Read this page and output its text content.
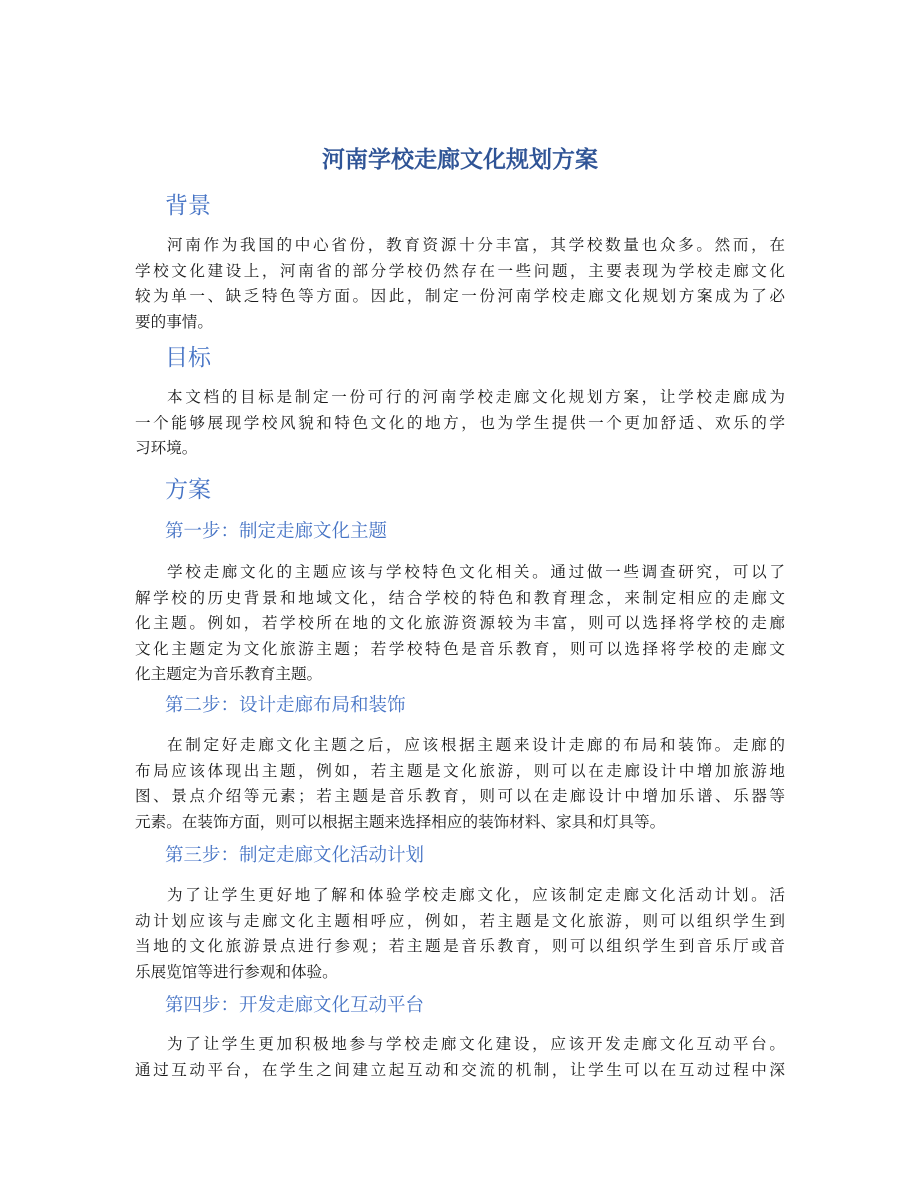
河南学校走廊文化规划方案
背景

河南作为我国的中心省份，教育资源十分丰富，其学校数量也众多。然而，在
学校文化建设上，河南省的部分学校仍然存在一些问题，主要表现为学校走廊文化
较为单一、缺乏特色等方面。因此，制定一份河南学校走廊文化规划方案成为了必
要的事情。

目标

本文档的目标是制定一份可行的河南学校走廊文化规划方案，让学校走廊成为
一个能够展现学校风貌和特色文化的地方，也为学生提供一个更加舒适、欢乐的学
习环境。

方案
第一步：制定走廊文化主题

学校走廊文化的主题应该与学校特色文化相关。通过做一些调查研究，可以了
解学校的历史背景和地域文化，结合学校的特色和教育理念，来制定相应的走廊文
化主题。例如，若学校所在地的文化旅游资源较为丰富，则可以选择将学校的走廊
文化主题定为文化旅游主题；若学校特色是音乐教育，则可以选择将学校的走廊文
化主题定为音乐教育主题。

第二步：设计走廊布局和装饰

在制定好走廊文化主题之后，应该根据主题来设计走廊的布局和装饰。走廊的
布局应该体现出主题，例如，若主题是文化旅游，则可以在走廊设计中增加旅游地
图、景点介绍等元素；若主题是音乐教育，则可以在走廊设计中增加乐谱、乐器等
元素。在装饰方面，则可以根据主题来选择相应的装饰材料、家具和灯具等。

第三步：制定走廊文化活动计划

为了让学生更好地了解和体验学校走廊文化，应该制定走廊文化活动计划。活
动计划应该与走廊文化主题相呼应，例如，若主题是文化旅游，则可以组织学生到
当地的文化旅游景点进行参观；若主题是音乐教育，则可以组织学生到音乐厅或音
乐展览馆等进行参观和体验。

第四步：开发走廊文化互动平台

为了让学生更加积极地参与学校走廊文化建设，应该开发走廊文化互动平台。
通过互动平台，在学生之间建立起互动和交流的机制，让学生可以在互动过程中深
